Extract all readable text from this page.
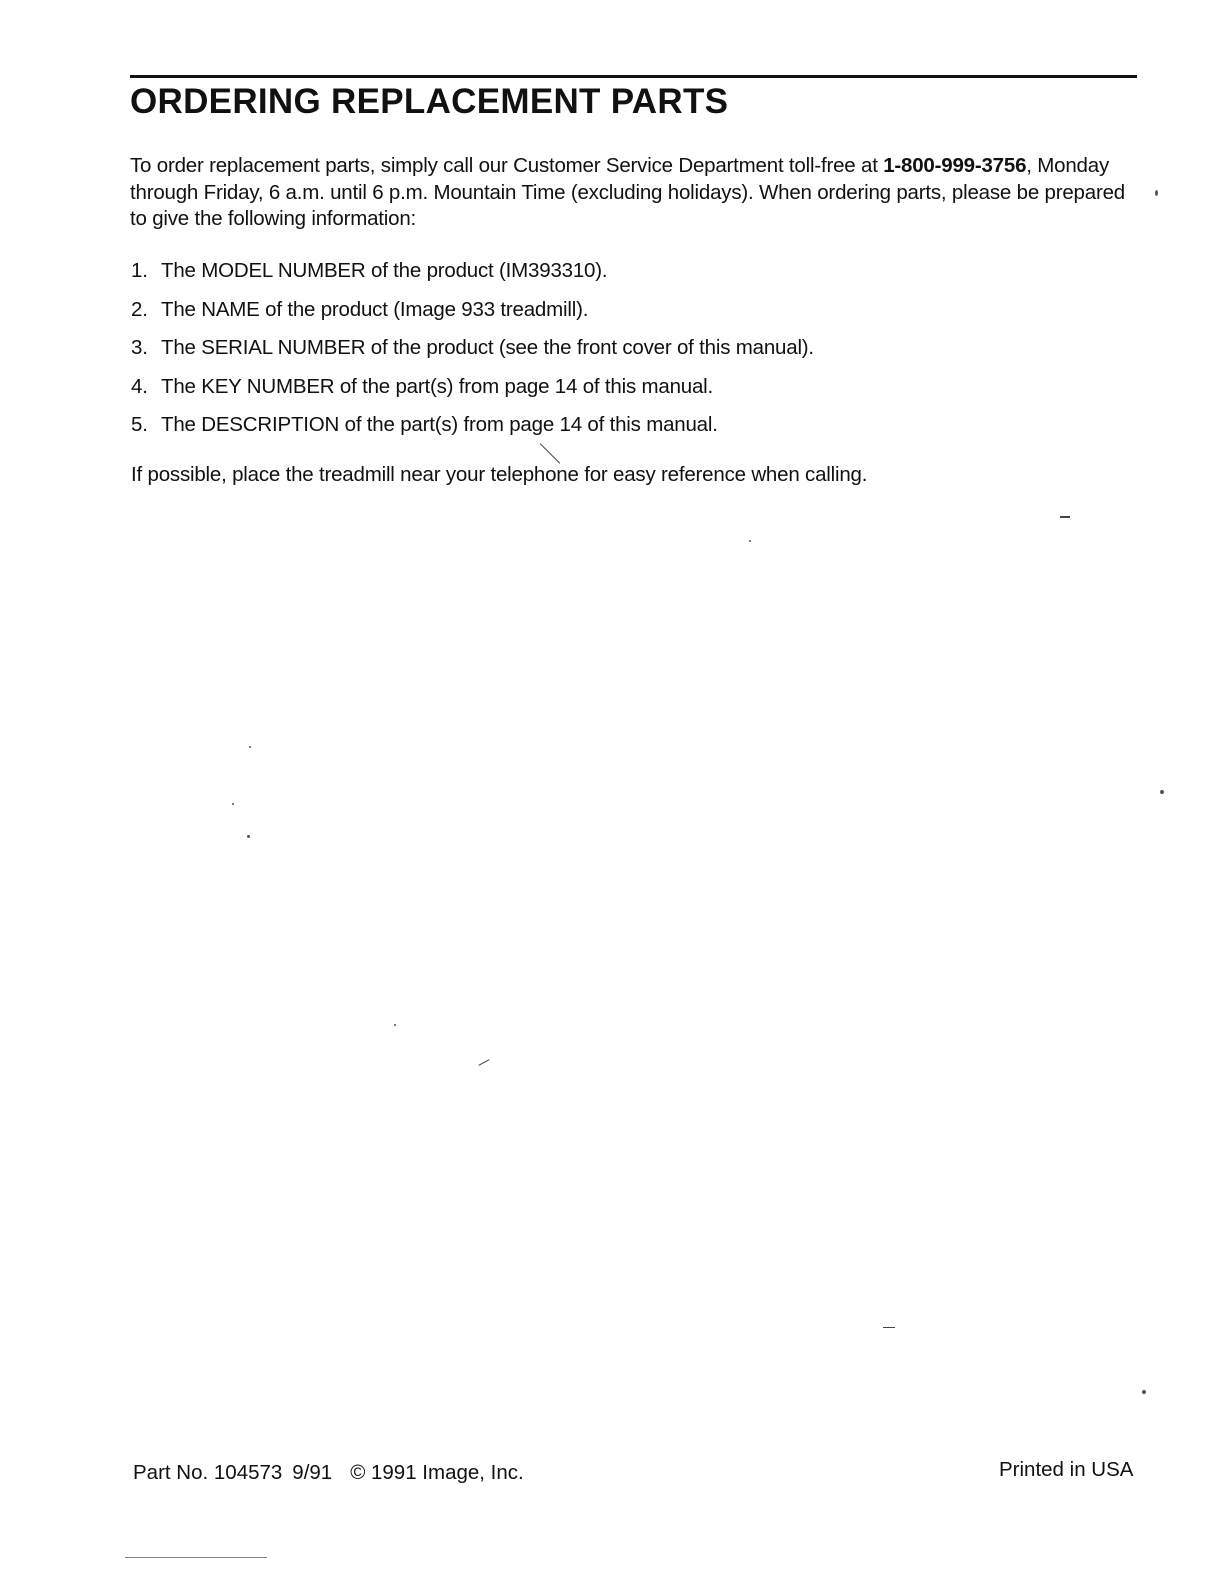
ORDERING REPLACEMENT PARTS

To order replacement parts, simply call our Customer Service Department toll-free at 1-800-999-3756, Monday through Friday, 6 a.m. until 6 p.m. Mountain Time (excluding holidays). When ordering parts, please be prepared to give the following information:

1. The MODEL NUMBER of the product (IM393310).
2. The NAME of the product (Image 933 treadmill).
3. The SERIAL NUMBER of the product (see the front cover of this manual).
4. The KEY NUMBER of the part(s) from page 14 of this manual.
5. The DESCRIPTION of the part(s) from page 14 of this manual.

If possible, place the treadmill near your telephone for easy reference when calling.

Part No. 104573 9/91 © 1991 Image, Inc.	Printed in USA
